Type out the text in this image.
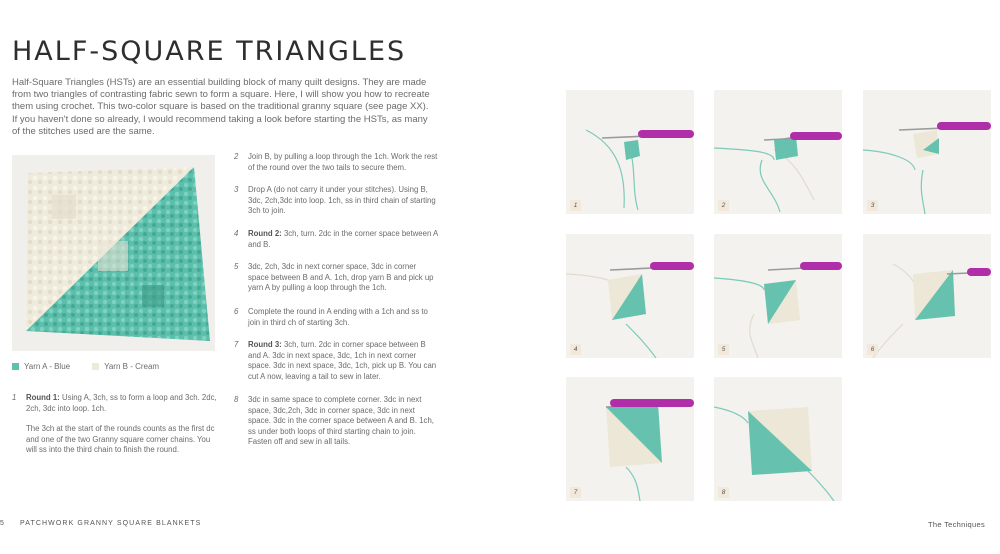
HALF-SQUARE TRIANGLES

Half-Square Triangles (HSTs) are an essential building block of many quilt designs. They are made from two triangles of contrasting fabric sewn to form a square. Here, I will show you how to recreate them using crochet. This two-color square is based on the traditional granny square (see page XX). If you haven't done so already, I would recommend taking a look before starting the HSTs, as many of the stitches used are the same.

Yarn A - Blue	Yarn B - Cream
1	Round 1: Using A, 3ch, ss to form a loop and 3ch. 2dc, 2ch, 3dc into loop. 1ch.

The 3ch at the start of the rounds counts as the first dc and one of the two Granny square corner chains. You will ss into the third chain to finish the round.

2	Join B, by pulling a loop through the 1ch. Work the rest of the round over the two tails to secure them.
3	Drop A (do not carry it under your stitches). Using B, 3dc, 2ch,3dc into loop. 1ch, ss in third chain of starting 3ch to join.
4	Round 2: 3ch, turn. 2dc in the corner space between A and B.
5	3dc, 2ch, 3dc in next corner space, 3dc in corner space between B and A. 1ch, drop yarn B and pick up yarn A by pulling a loop through the 1ch.
6	Complete the round in A ending with a 1ch and ss to join in third ch of starting 3ch.
7	Round 3: 3ch, turn. 2dc in corner space between B and A. 3dc in next space, 3dc, 1ch in next corner space. 3dc in next space, 3dc, 1ch, pick up B. You can cut A now, leaving a tail to sew in later.
8	3dc in same space to complete corner. 3dc in next space, 3dc,2ch, 3dc in corner space, 3dc in next space. 3dc in the corner space between A and B. 1ch, ss under both loops of third starting chain to join. Fasten off and sew in all tails.
1	2	3
4	5	6
7	8
5 PATCHWORK GRANNY SQUARE BLANKETS	The Techniques
